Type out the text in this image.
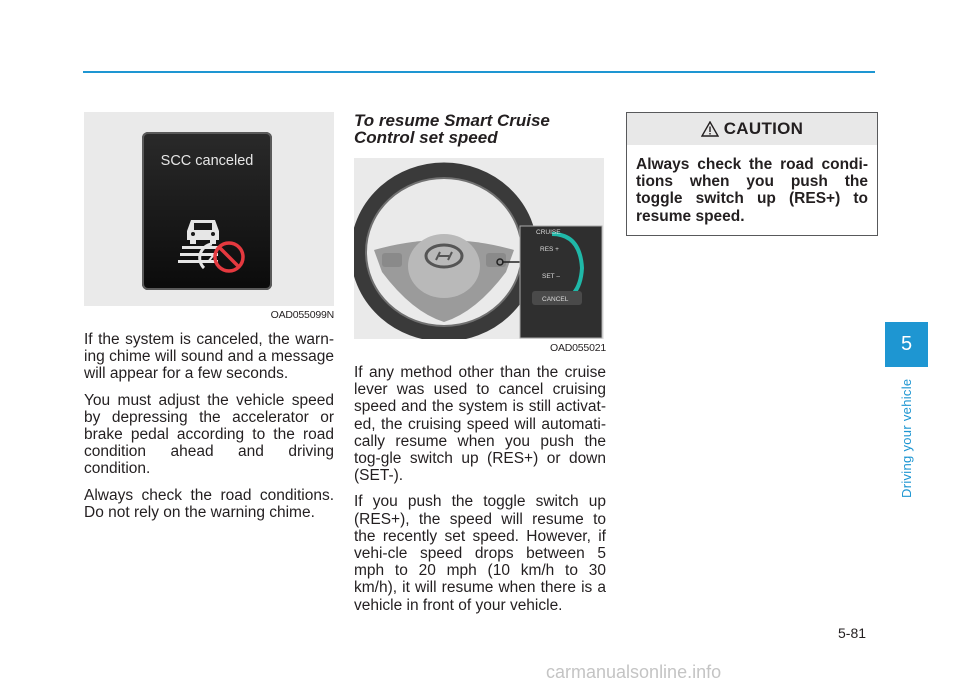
SCC canceled
OAD055099N

If the system is canceled, the warn-ing chime will sound and a message will appear for a few seconds.

You must adjust the vehicle speed by depressing the accelerator or brake pedal according to the road condition ahead and driving condition.

Always check the road conditions. Do not rely on the warning chime.

To resume Smart Cruise Control set speed
CRUISE
RES +
SET –
CANCEL
OAD055021

If any method other than the cruise lever was used to cancel cruising speed and the system is still activat-ed, the cruising speed will automati-cally resume when you push the tog-gle switch up (RES+) or down (SET-).

If you push the toggle switch up (RES+), the speed will resume to the recently set speed. However, if vehi-cle speed drops between 5 mph to 20 mph (10 km/h to 30 km/h), it will resume when there is a vehicle in front of your vehicle.

CAUTION
Always check the road condi-tions when you push the toggle switch up (RES+) to resume speed.
5
Driving your vehicle
5-81
carmanualsonline.info
